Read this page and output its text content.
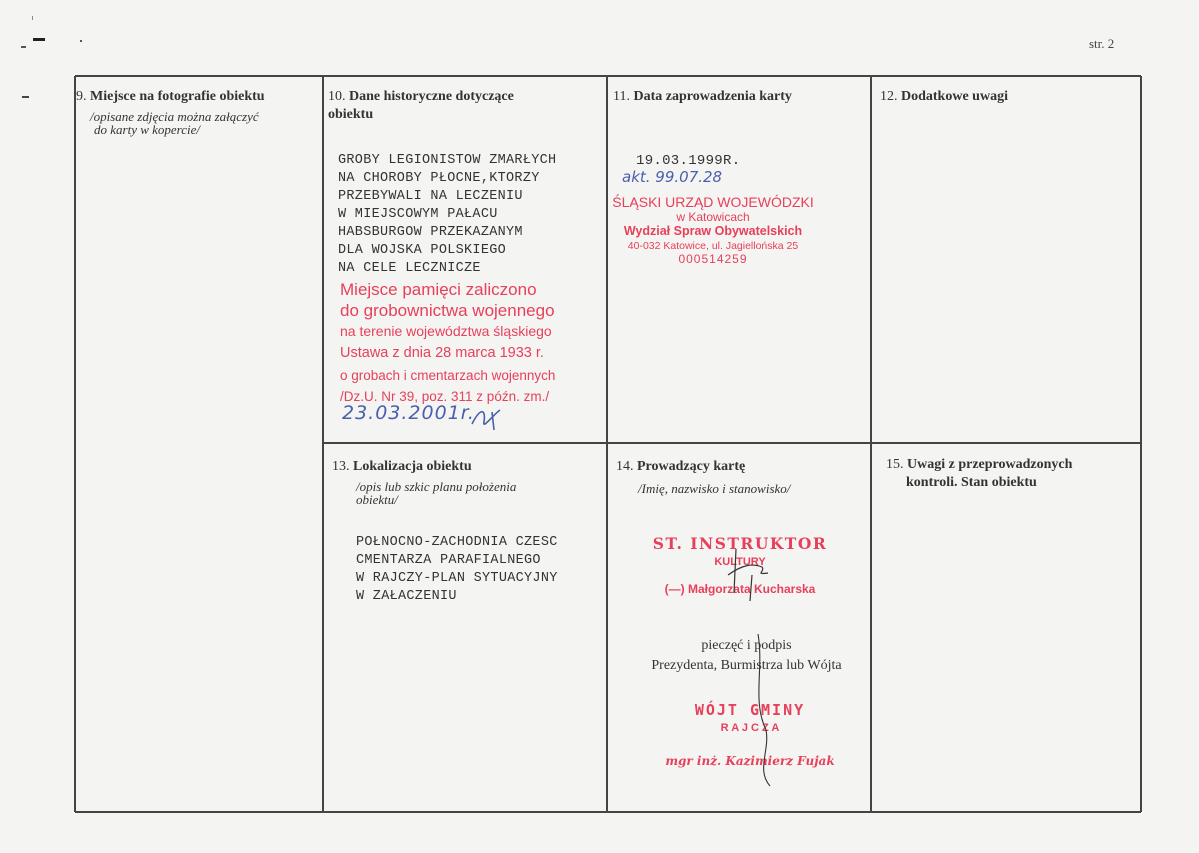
str. 2
9. Miejsce na fotografie obiektu
/opisane zdjęcia można załączyć
do karty w kopercie/
10. Dane historyczne dotyczące
obiektu
GROBY LEGIONISTOW ZMARŁYCH
NA CHOROBY PŁOCNE,KTORZY
PRZEBYWALI NA LECZENIU
W MIEJSCOWYM PAŁACU
HABSBURGOW PRZEKAZANYM
DLA WOJSKA POLSKIEGO
NA CELE LECZNICZE
Miejsce pamięci zaliczono
do grobownictwa wojennego
na terenie województwa śląskiego
Ustawa z dnia 28 marca 1933 r.
o grobach i cmentarzach wojennych
/Dz.U. Nr 39, poz. 311 z późn. zm./
23.03.2001r.
11. Data zaprowadzenia karty
19.03.1999R.
akt. 99.07.28
ŚLĄSKI URZĄD WOJEWÓDZKI
w Katowicach
Wydział Spraw Obywatelskich
40-032 Katowice, ul. Jagiellońska 25
000514259
12. Dodatkowe uwagi
13. Lokalizacja obiektu
/opis lub szkic planu położenia
obiektu/
POŁNOCNO-ZACHODNIA CZESC
CMENTARZA PARAFIALNEGO
W RAJCZY-PLAN SYTUACYJNY
W ZAŁACZENIU
14. Prowadzący kartę
/Imię, nazwisko i stanowisko/
ST. INSTRUKTOR
KULTURY
(—) Małgorzata Kucharska
pieczęć i podpis
Prezydenta, Burmistrza lub Wójta
WÓJT GMINY
R A J C Z A
mgr inż. Kazimierz Fujak
15. Uwagi z przeprowadzonych
kontroli. Stan obiektu
